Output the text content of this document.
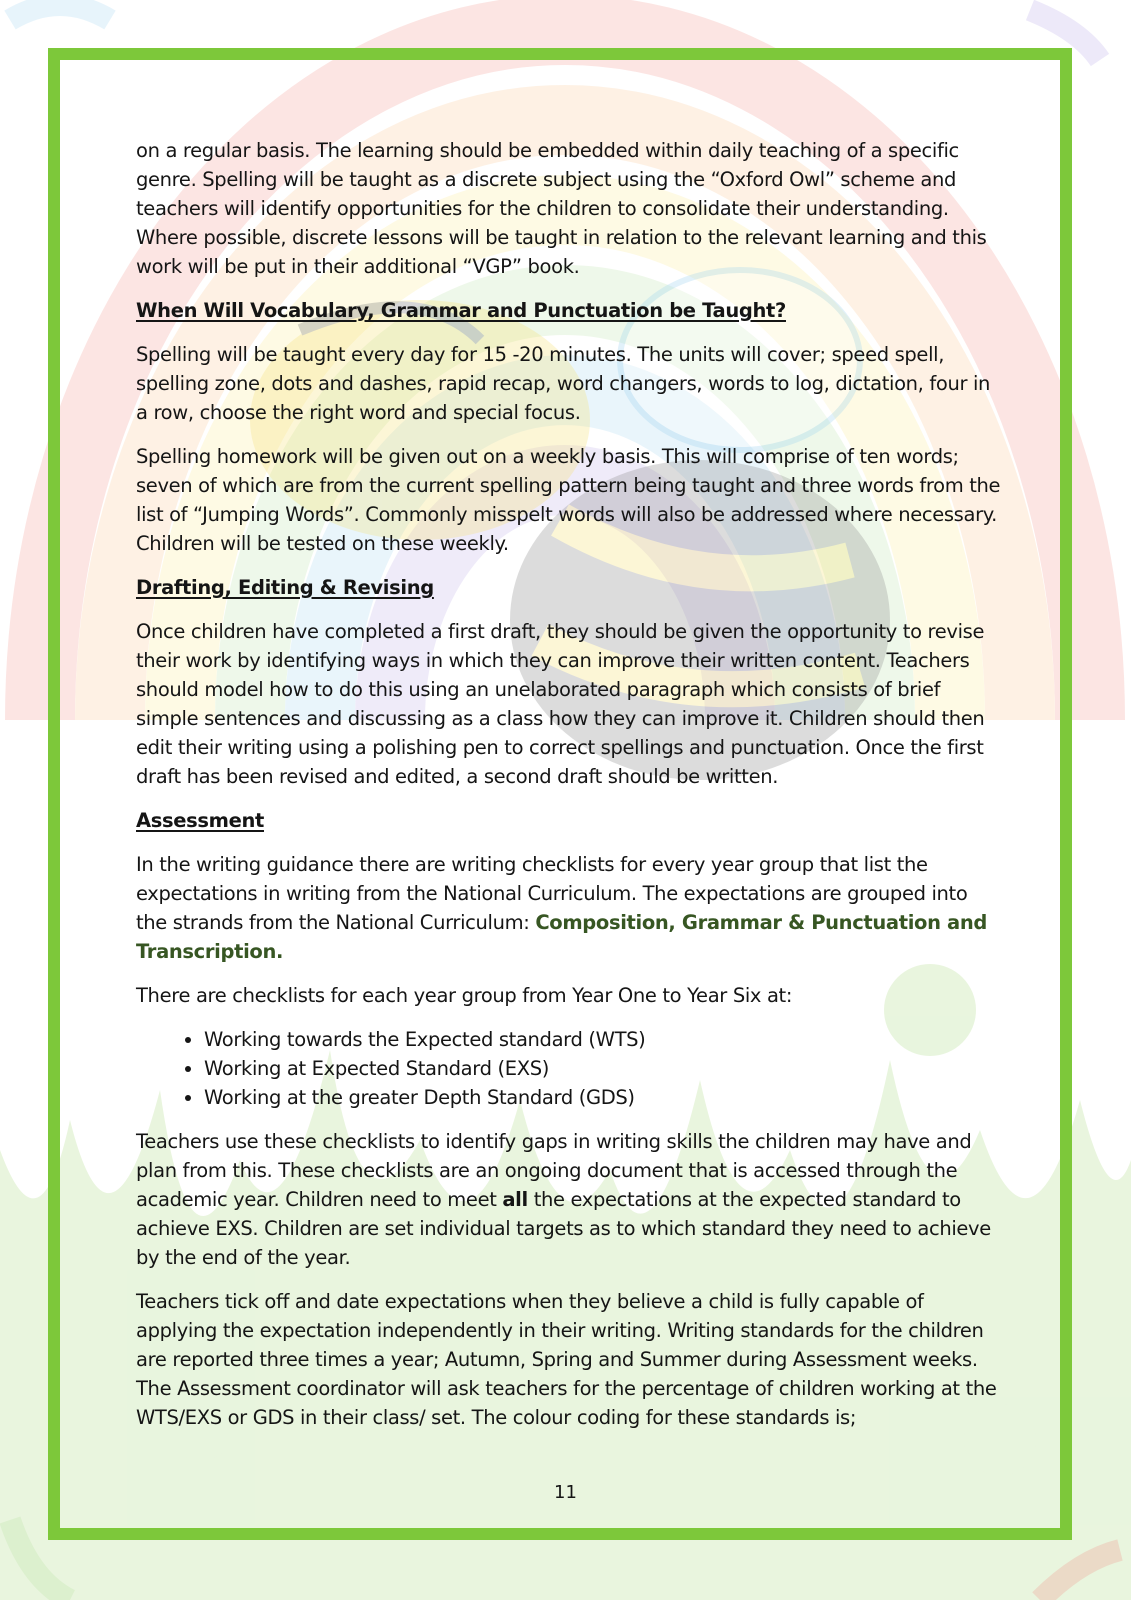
on a regular basis. The learning should be embedded within daily teaching of a specific genre. Spelling will be taught as a discrete subject using the “Oxford Owl” scheme and teachers will identify opportunities for the children to consolidate their understanding. Where possible, discrete lessons will be taught in relation to the relevant learning and this work will be put in their additional “VGP” book.

When Will Vocabulary, Grammar and Punctuation be Taught?

Spelling will be taught every day for 15 -20 minutes. The units will cover; speed spell, spelling zone, dots and dashes, rapid recap, word changers, words to log, dictation, four in a row, choose the right word and special focus.

Spelling homework will be given out on a weekly basis. This will comprise of ten words; seven of which are from the current spelling pattern being taught and three words from the list of “Jumping Words”. Commonly misspelt words will also be addressed where necessary. Children will be tested on these weekly.

Drafting, Editing & Revising

Once children have completed a first draft, they should be given the opportunity to revise their work by identifying ways in which they can improve their written content. Teachers should model how to do this using an unelaborated paragraph which consists of brief simple sentences and discussing as a class how they can improve it. Children should then edit their writing using a polishing pen to correct spellings and punctuation. Once the first draft has been revised and edited, a second draft should be written.

Assessment

In the writing guidance there are writing checklists for every year group that list the expectations in writing from the National Curriculum. The expectations are grouped into the strands from the National Curriculum: Composition, Grammar & Punctuation and Transcription.

There are checklists for each year group from Year One to Year Six at:

• Working towards the Expected standard (WTS)
• Working at Expected Standard (EXS)
• Working at the greater Depth Standard (GDS)

Teachers use these checklists to identify gaps in writing skills the children may have and plan from this. These checklists are an ongoing document that is accessed through the academic year. Children need to meet all the expectations at the expected standard to achieve EXS. Children are set individual targets as to which standard they need to achieve by the end of the year.

Teachers tick off and date expectations when they believe a child is fully capable of applying the expectation independently in their writing. Writing standards for the children are reported three times a year; Autumn, Spring and Summer during Assessment weeks. The Assessment coordinator will ask teachers for the percentage of children working at the WTS/EXS or GDS in their class/ set. The colour coding for these standards is;

11
